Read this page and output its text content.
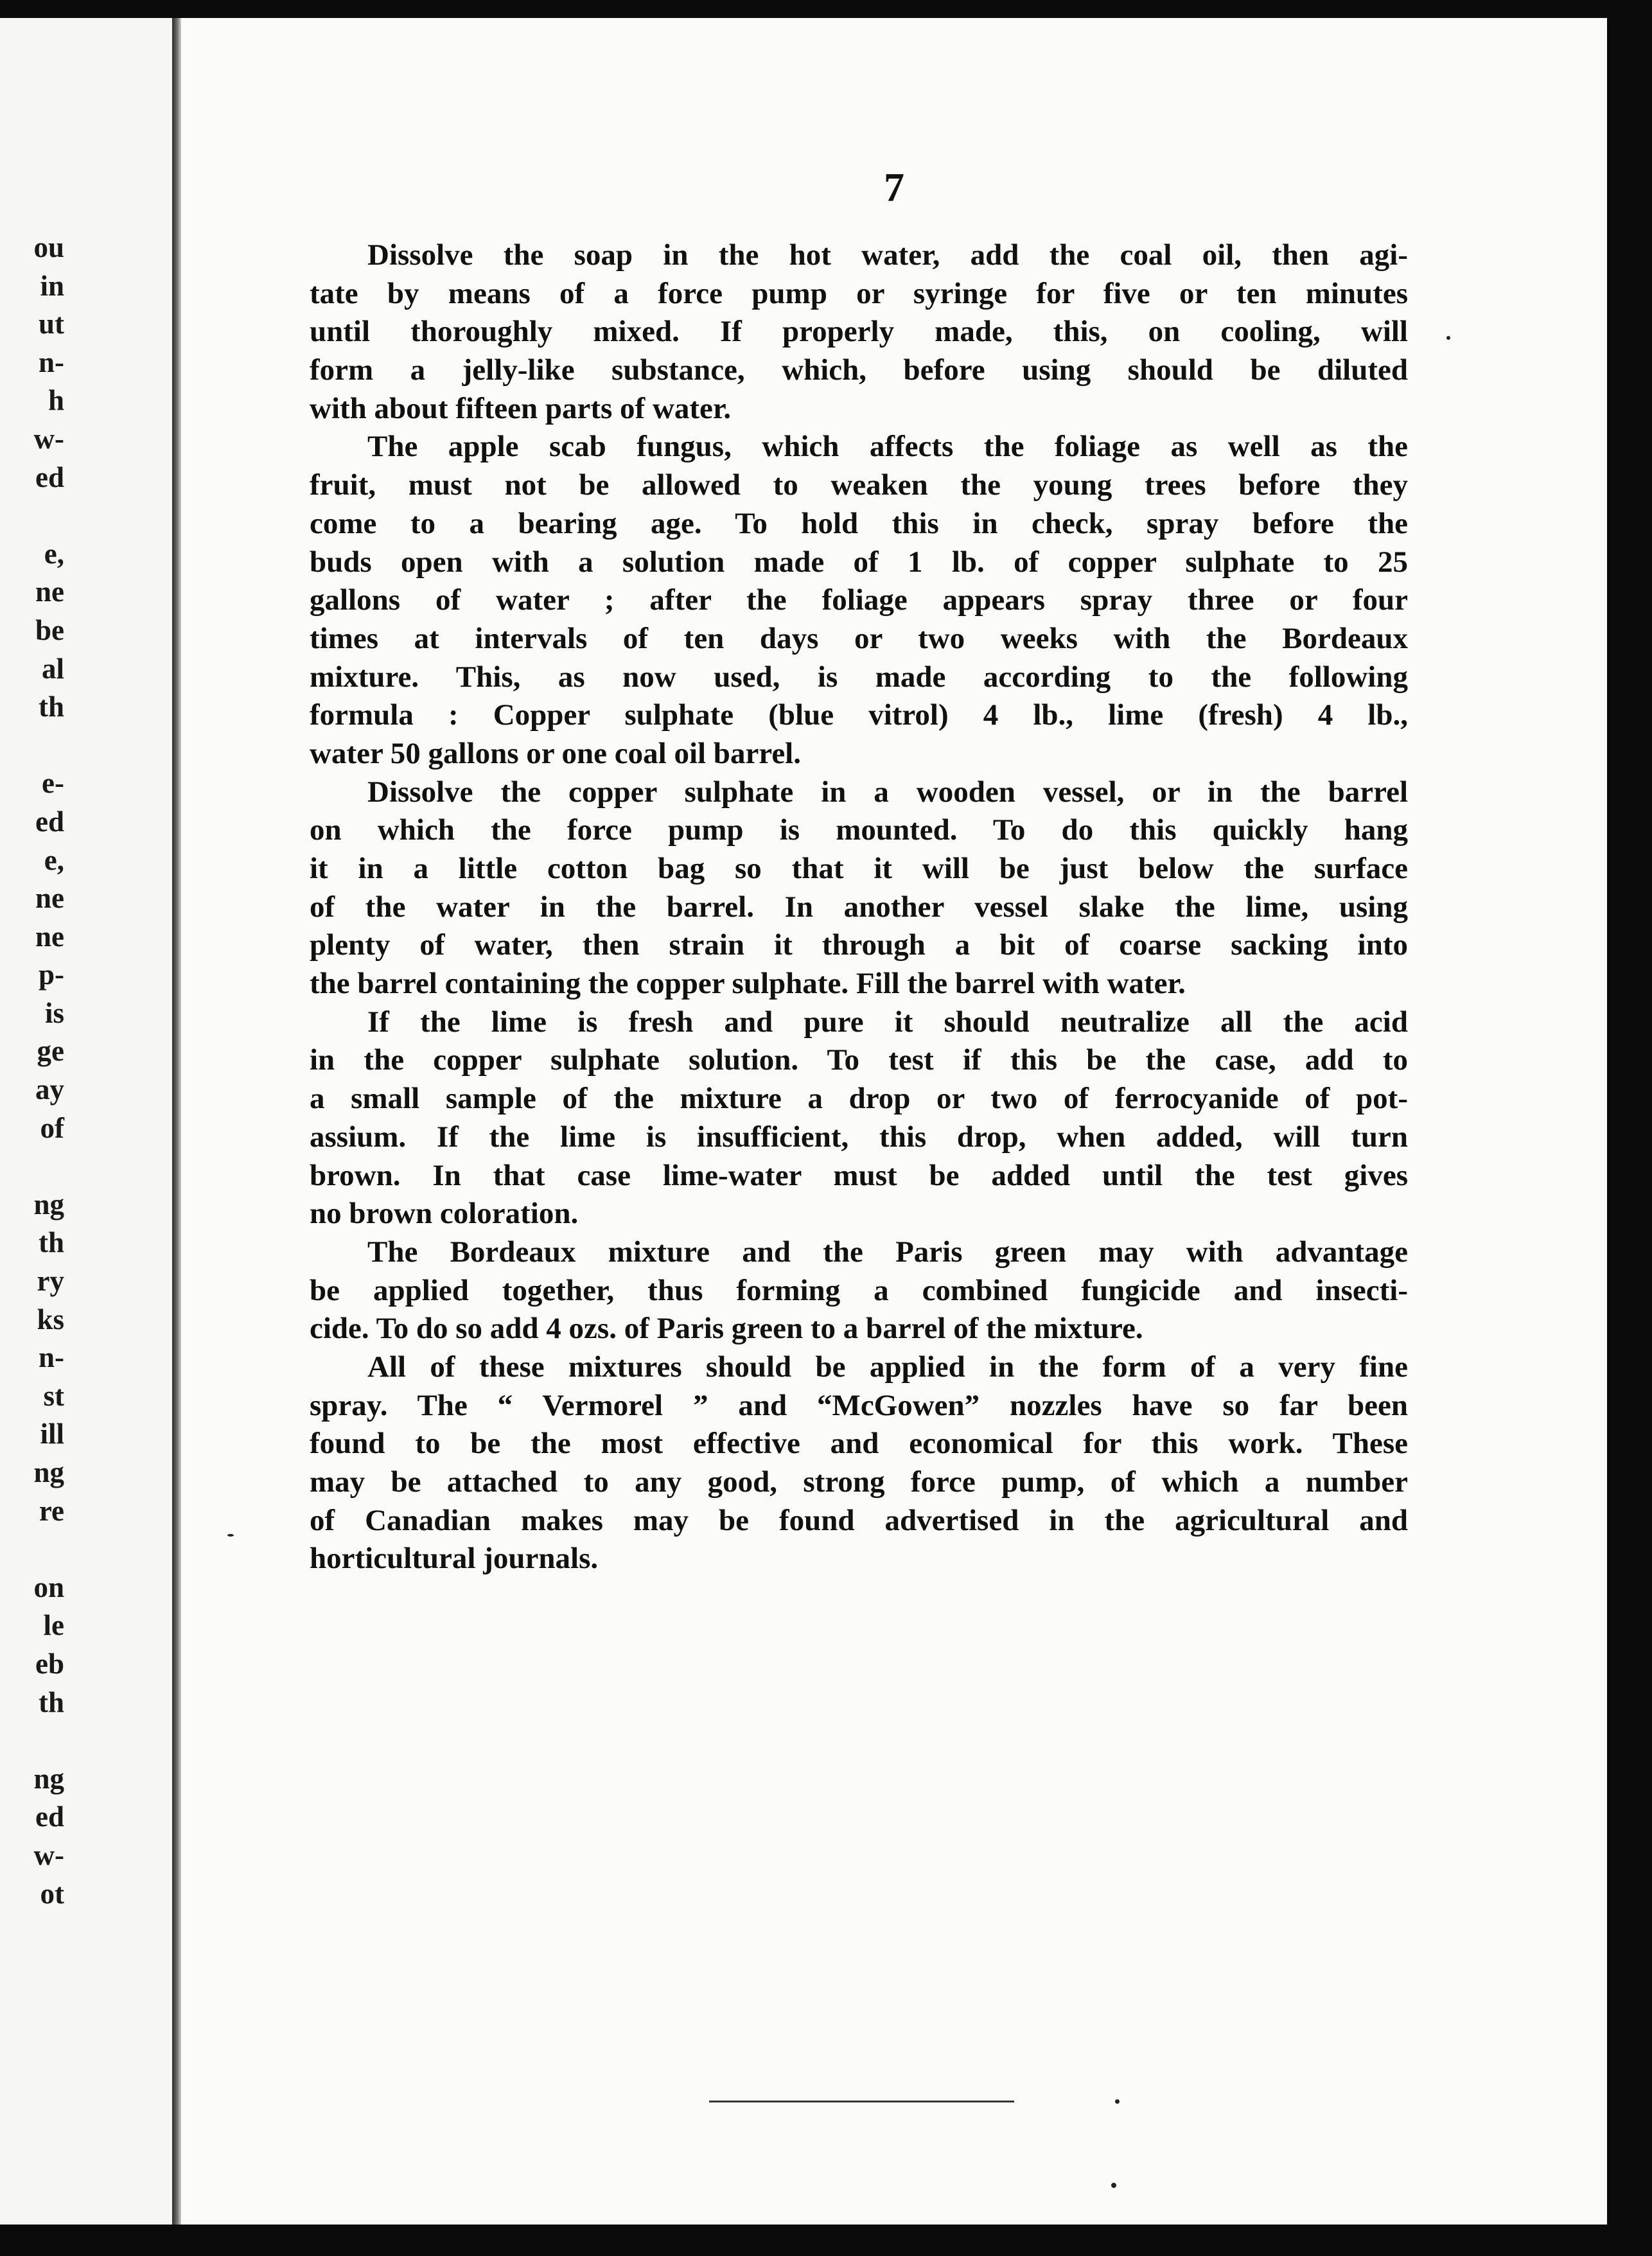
ou
in
ut
n-
h
w-
ed
e,
ne
be
al
th
e-
ed
e,
ne
ne
p-
is
ge
ay
of
ng
th
ry
ks
n-
st
ill
ng
re
on
le
eb
th
ng
ed
w-
ot
7
Dissolve the soap in the hot water, add the coal oil, then agi-
tate by means of a force pump or syringe for five or ten minutes
until thoroughly mixed. If properly made, this, on cooling, will
form a jelly-like substance, which, before using should be diluted
with about fifteen parts of water.
The apple scab fungus, which affects the foliage as well as the
fruit, must not be allowed to weaken the young trees before they
come to a bearing age. To hold this in check, spray before the
buds open with a solution made of 1 lb. of copper sulphate to 25
gallons of water ; after the foliage appears spray three or four
times at intervals of ten days or two weeks with the Bordeaux
mixture. This, as now used, is made according to the following
formula : Copper sulphate (blue vitrol) 4 lb., lime (fresh) 4 lb.,
water 50 gallons or one coal oil barrel.
Dissolve the copper sulphate in a wooden vessel, or in the barrel
on which the force pump is mounted. To do this quickly hang
it in a little cotton bag so that it will be just below the surface
of the water in the barrel. In another vessel slake the lime, using
plenty of water, then strain it through a bit of coarse sacking into
the barrel containing the copper sulphate. Fill the barrel with water.
If the lime is fresh and pure it should neutralize all the acid
in the copper sulphate solution. To test if this be the case, add to
a small sample of the mixture a drop or two of ferrocyanide of pot-
assium. If the lime is insufficient, this drop, when added, will turn
brown. In that case lime-water must be added until the test gives
no brown coloration.
The Bordeaux mixture and the Paris green may with advantage
be applied together, thus forming a combined fungicide and insecti-
cide. To do so add 4 ozs. of Paris green to a barrel of the mixture.
All of these mixtures should be applied in the form of a very fine
spray. The “ Vermorel ” and “McGowen” nozzles have so far been
found to be the most effective and economical for this work. These
may be attached to any good, strong force pump, of which a number
of Canadian makes may be found advertised in the agricultural and
horticultural journals.
